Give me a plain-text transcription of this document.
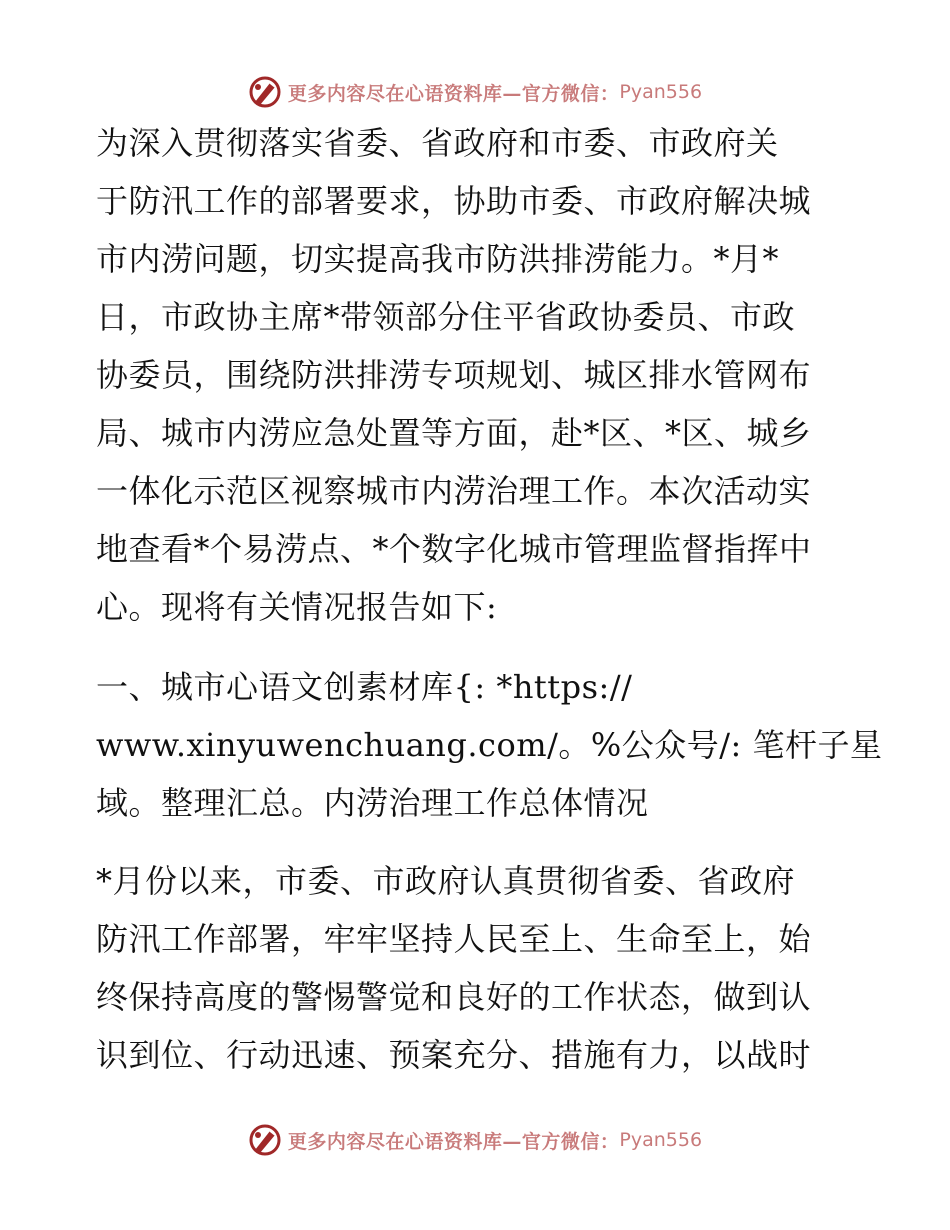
更多内容尽在心语资料库—官方微信： Pyan556
为深入贯彻落实省委、省政府和市委、市政府关
于防汛工作的部署要求，协助市委、市政府解决城
市内涝问题，切实提高我市防洪排涝能力。*月*
日，市政协主席*带领部分住平省政协委员、市政
协委员，围绕防洪排涝专项规划、城区排水管网布
局、城市内涝应急处置等方面，赴*区、*区、城乡
一体化示范区视察城市内涝治理工作。本次活动实
地查看*个易涝点、*个数字化城市管理监督指挥中
心。现将有关情况报告如下:
一、城市心语文创素材库{: *https://
www.xinyuwenchuang.com/。%公众号/: 笔杆子星
域。整理汇总。内涝治理工作总体情况
*月份以来，市委、市政府认真贯彻省委、省政府
防汛工作部署，牢牢坚持人民至上、生命至上，始
终保持高度的警惕警觉和良好的工作状态，做到认
识到位、行动迅速、预案充分、措施有力，以战时
更多内容尽在心语资料库—官方微信： Pyan556
